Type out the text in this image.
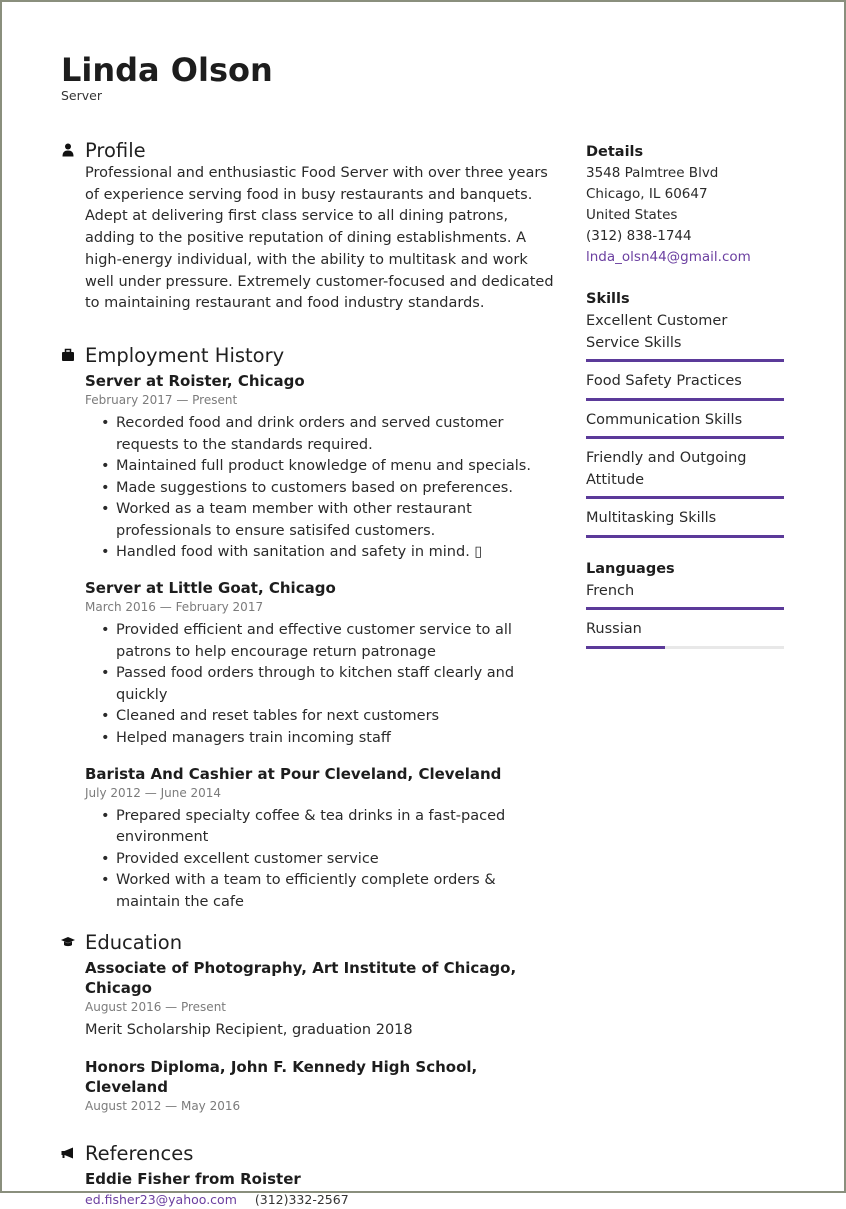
Linda Olson
Server
Profile
Professional and enthusiastic Food Server with over three years of experience serving food in busy restaurants and banquets. Adept at delivering first class service to all dining patrons, adding to the positive reputation of dining establishments. A high-energy individual, with the ability to multitask and work well under pressure. Extremely customer-focused and dedicated to maintaining restaurant and food industry standards.
Employment History
Server at Roister, Chicago
February 2017 — Present
• Recorded food and drink orders and served customer requests to the standards required.
• Maintained full product knowledge of menu and specials.
• Made suggestions to customers based on preferences.
• Worked as a team member with other restaurant professionals to ensure satisifed customers.
• Handled food with sanitation and safety in mind. ▯
Server at Little Goat, Chicago
March 2016 — February 2017
• Provided efficient and effective customer service to all patrons to help encourage return patronage
• Passed food orders through to kitchen staff clearly and quickly
• Cleaned and reset tables for next customers
• Helped managers train incoming staff
Barista And Cashier at Pour Cleveland, Cleveland
July 2012 — June 2014
• Prepared specialty coffee & tea drinks in a fast-paced environment
• Provided excellent customer service
• Worked with a team to efficiently complete orders & maintain the cafe
Education
Associate of Photography, Art Institute of Chicago, Chicago
August 2016 — Present
Merit Scholarship Recipient, graduation 2018
Honors Diploma, John F. Kennedy High School, Cleveland
August 2012 — May 2016
References
Eddie Fisher from Roister
ed.fisher23@yahoo.com (312)332-2567
Details
3548 Palmtree Blvd
Chicago, IL 60647
United States
(312) 838-1744
lnda_olsn44@gmail.com
Skills
Excellent Customer Service Skills
Food Safety Practices
Communication Skills
Friendly and Outgoing Attitude
Multitasking Skills
Languages
French
Russian
